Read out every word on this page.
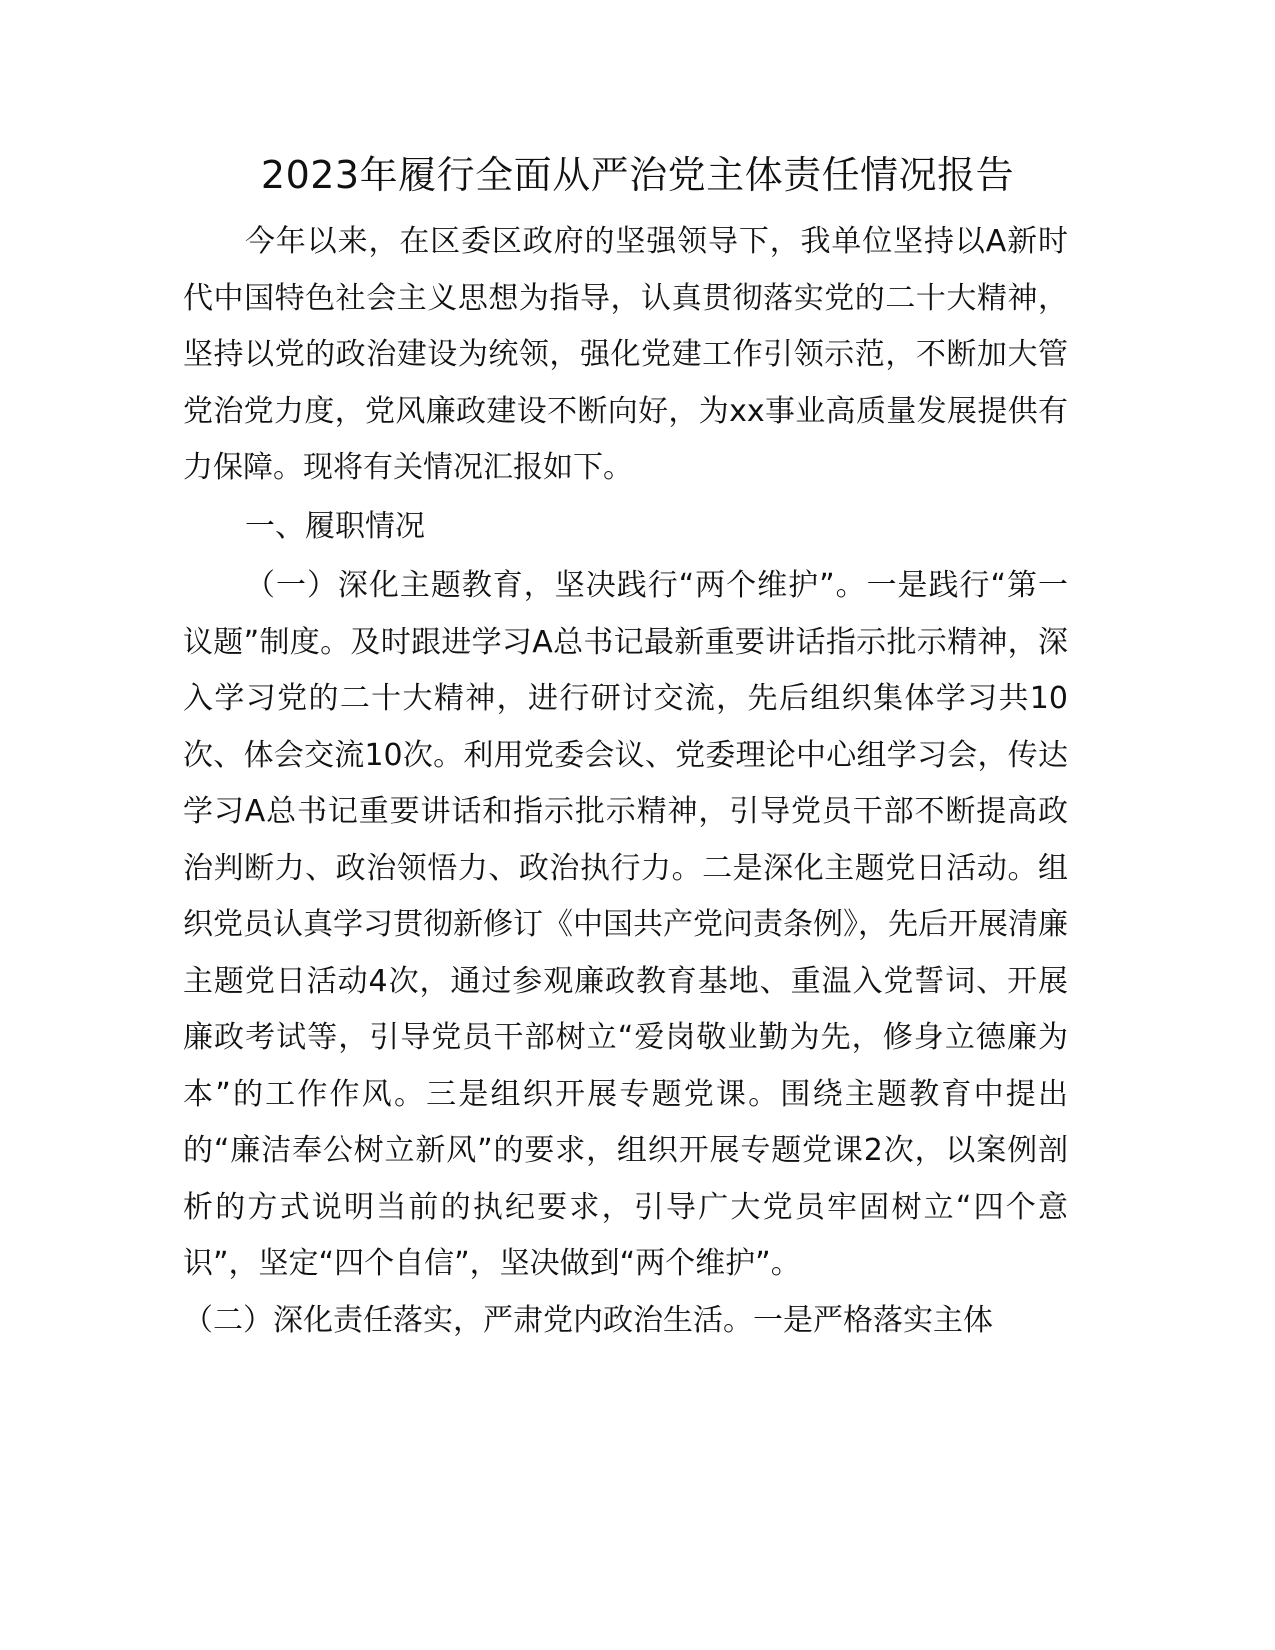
2023年履行全面从严治党主体责任情况报告

今年以来，在区委区政府的坚强领导下，我单位坚持以A新时代中国特色社会主义思想为指导，认真贯彻落实党的二十大精神，坚持以党的政治建设为统领，强化党建工作引领示范，不断加大管党治党力度，党风廉政建设不断向好，为xx事业高质量发展提供有力保障。现将有关情况汇报如下。

一、履职情况

（一）深化主题教育，坚决践行“两个维护”。一是践行“第一议题”制度。及时跟进学习A总书记最新重要讲话指示批示精神，深入学习党的二十大精神，进行研讨交流，先后组织集体学习共10次、体会交流10次。利用党委会议、党委理论中心组学习会，传达学习A总书记重要讲话和指示批示精神，引导党员干部不断提高政治判断力、政治领悟力、政治执行力。二是深化主题党日活动。组织党员认真学习贯彻新修订《中国共产党问责条例》，先后开展清廉主题党日活动4次，通过参观廉政教育基地、重温入党誓词、开展廉政考试等，引导党员干部树立“爱岗敬业勤为先，修身立德廉为本”的工作作风。三是组织开展专题党课。围绕主题教育中提出的“廉洁奉公树立新风”的要求，组织开展专题党课2次，以案例剖析的方式说明当前的执纪要求，引导广大党员牢固树立“四个意识”，坚定“四个自信”，坚决做到“两个维护”。

（二）深化责任落实，严肃党内政治生活。一是严格落实主体
